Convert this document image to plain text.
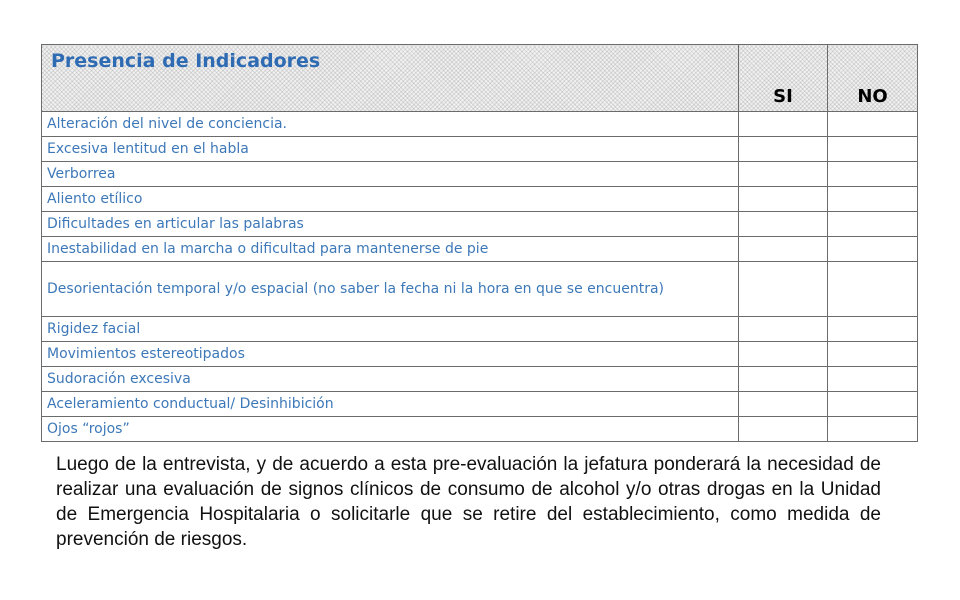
Presencia de Indicadores	SI	NO
Alteración del nivel de conciencia.		
Excesiva lentitud en el habla		
Verborrea		
Aliento etílico		
Dificultades en articular las palabras		
Inestabilidad en la marcha o dificultad para mantenerse de pie		
Desorientación temporal y/o espacial (no saber la fecha ni la hora en que se encuentra)		
Rigidez facial		
Movimientos estereotipados		
Sudoración excesiva		
Aceleramiento conductual/ Desinhibición		
Ojos “rojos”		

Luego de la entrevista, y de acuerdo a esta pre-evaluación la jefatura ponderará la necesidad de realizar una evaluación de signos clínicos de consumo de alcohol y/o otras drogas en la Unidad de Emergencia Hospitalaria o solicitarle que se retire del establecimiento, como medida de prevención de riesgos.
